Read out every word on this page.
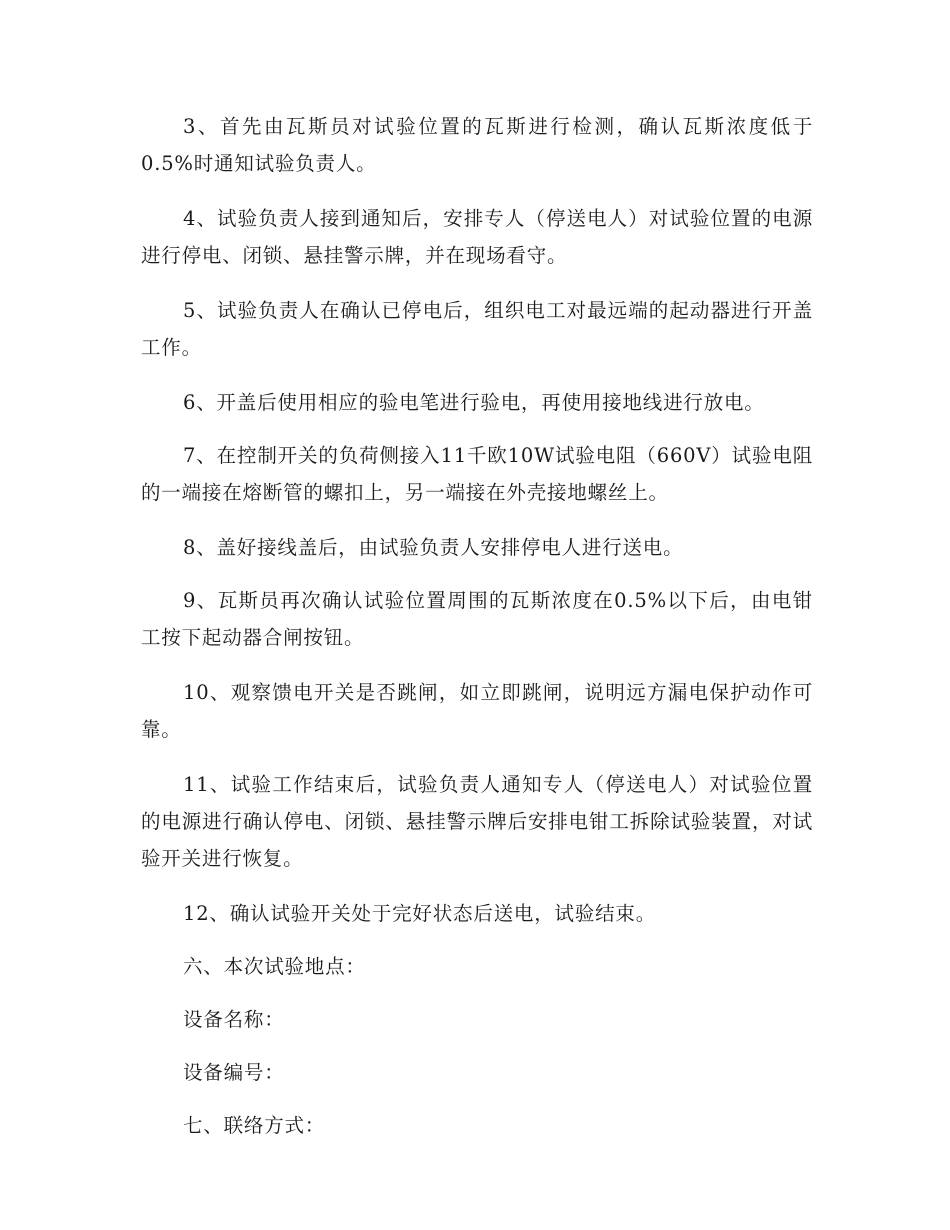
3、首先由瓦斯员对试验位置的瓦斯进行检测，确认瓦斯浓度低于0.5%时通知试验负责人。

4、试验负责人接到通知后，安排专人（停送电人）对试验位置的电源进行停电、闭锁、悬挂警示牌，并在现场看守。

5、试验负责人在确认已停电后，组织电工对最远端的起动器进行开盖工作。

6、开盖后使用相应的验电笔进行验电，再使用接地线进行放电。

7、在控制开关的负荷侧接入11千欧10W试验电阻（660V）试验电阻的一端接在熔断管的螺扣上，另一端接在外壳接地螺丝上。

8、盖好接线盖后，由试验负责人安排停电人进行送电。

9、瓦斯员再次确认试验位置周围的瓦斯浓度在0.5%以下后，由电钳工按下起动器合闸按钮。

10、观察馈电开关是否跳闸，如立即跳闸，说明远方漏电保护动作可靠。

11、试验工作结束后，试验负责人通知专人（停送电人）对试验位置的电源进行确认停电、闭锁、悬挂警示牌后安排电钳工拆除试验装置，对试验开关进行恢复。

12、确认试验开关处于完好状态后送电，试验结束。

六、本次试验地点：

设备名称：

设备编号：

七、联络方式：
